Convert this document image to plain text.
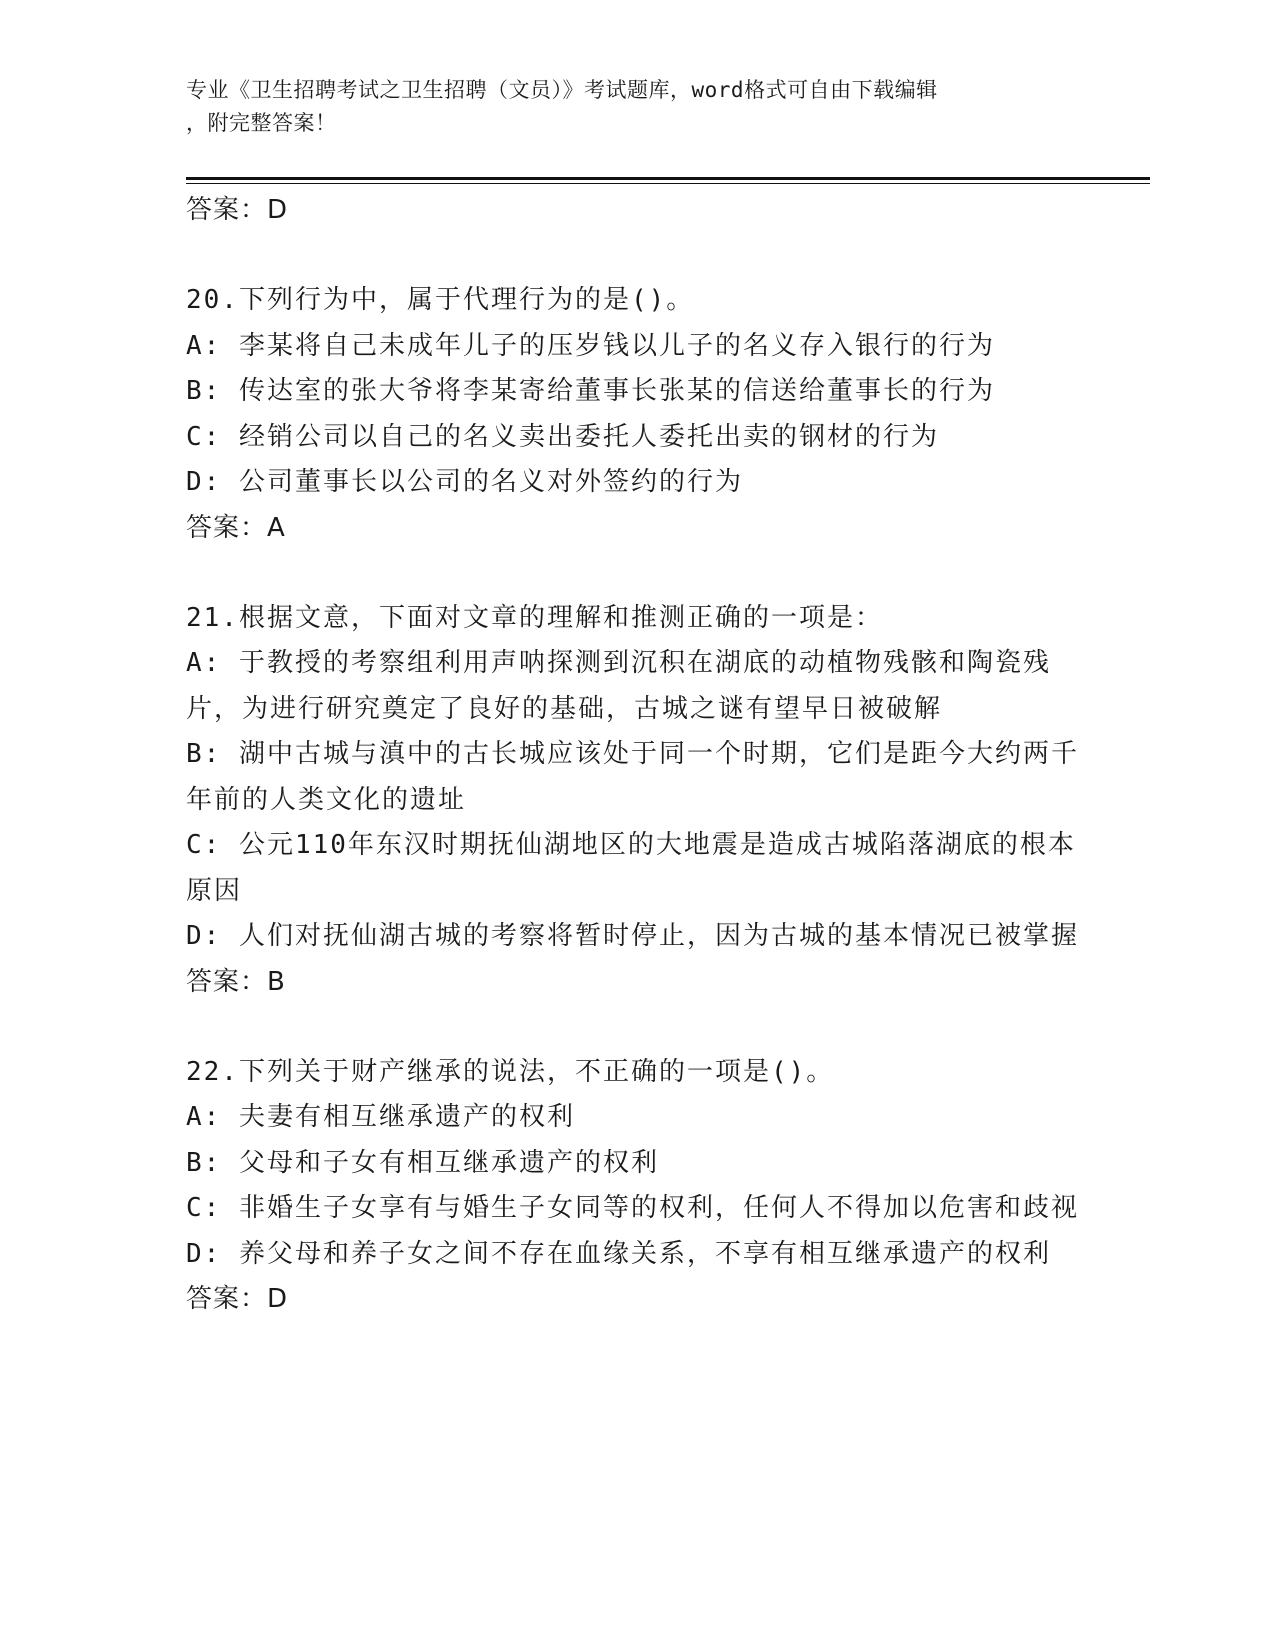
专业《卫生招聘考试之卫生招聘（文员）》考试题库，word格式可自由下载编辑
，附完整答案！
答案：D
20.下列行为中，属于代理行为的是()。
A: 李某将自己未成年儿子的压岁钱以儿子的名义存入银行的行为
B: 传达室的张大爷将李某寄给董事长张某的信送给董事长的行为
C: 经销公司以自己的名义卖出委托人委托出卖的钢材的行为
D: 公司董事长以公司的名义对外签约的行为
答案：A
21.根据文意，下面对文章的理解和推测正确的一项是：
A: 于教授的考察组利用声呐探测到沉积在湖底的动植物残骸和陶瓷残片，为进行研究奠定了良好的基础，古城之谜有望早日被破解
B: 湖中古城与滇中的古长城应该处于同一个时期，它们是距今大约两千年前的人类文化的遗址
C: 公元110年东汉时期抚仙湖地区的大地震是造成古城陷落湖底的根本原因
D: 人们对抚仙湖古城的考察将暂时停止，因为古城的基本情况已被掌握
答案：B
22.下列关于财产继承的说法，不正确的一项是()。
A: 夫妻有相互继承遗产的权利
B: 父母和子女有相互继承遗产的权利
C: 非婚生子女享有与婚生子女同等的权利，任何人不得加以危害和歧视
D: 养父母和养子女之间不存在血缘关系，不享有相互继承遗产的权利
答案：D
